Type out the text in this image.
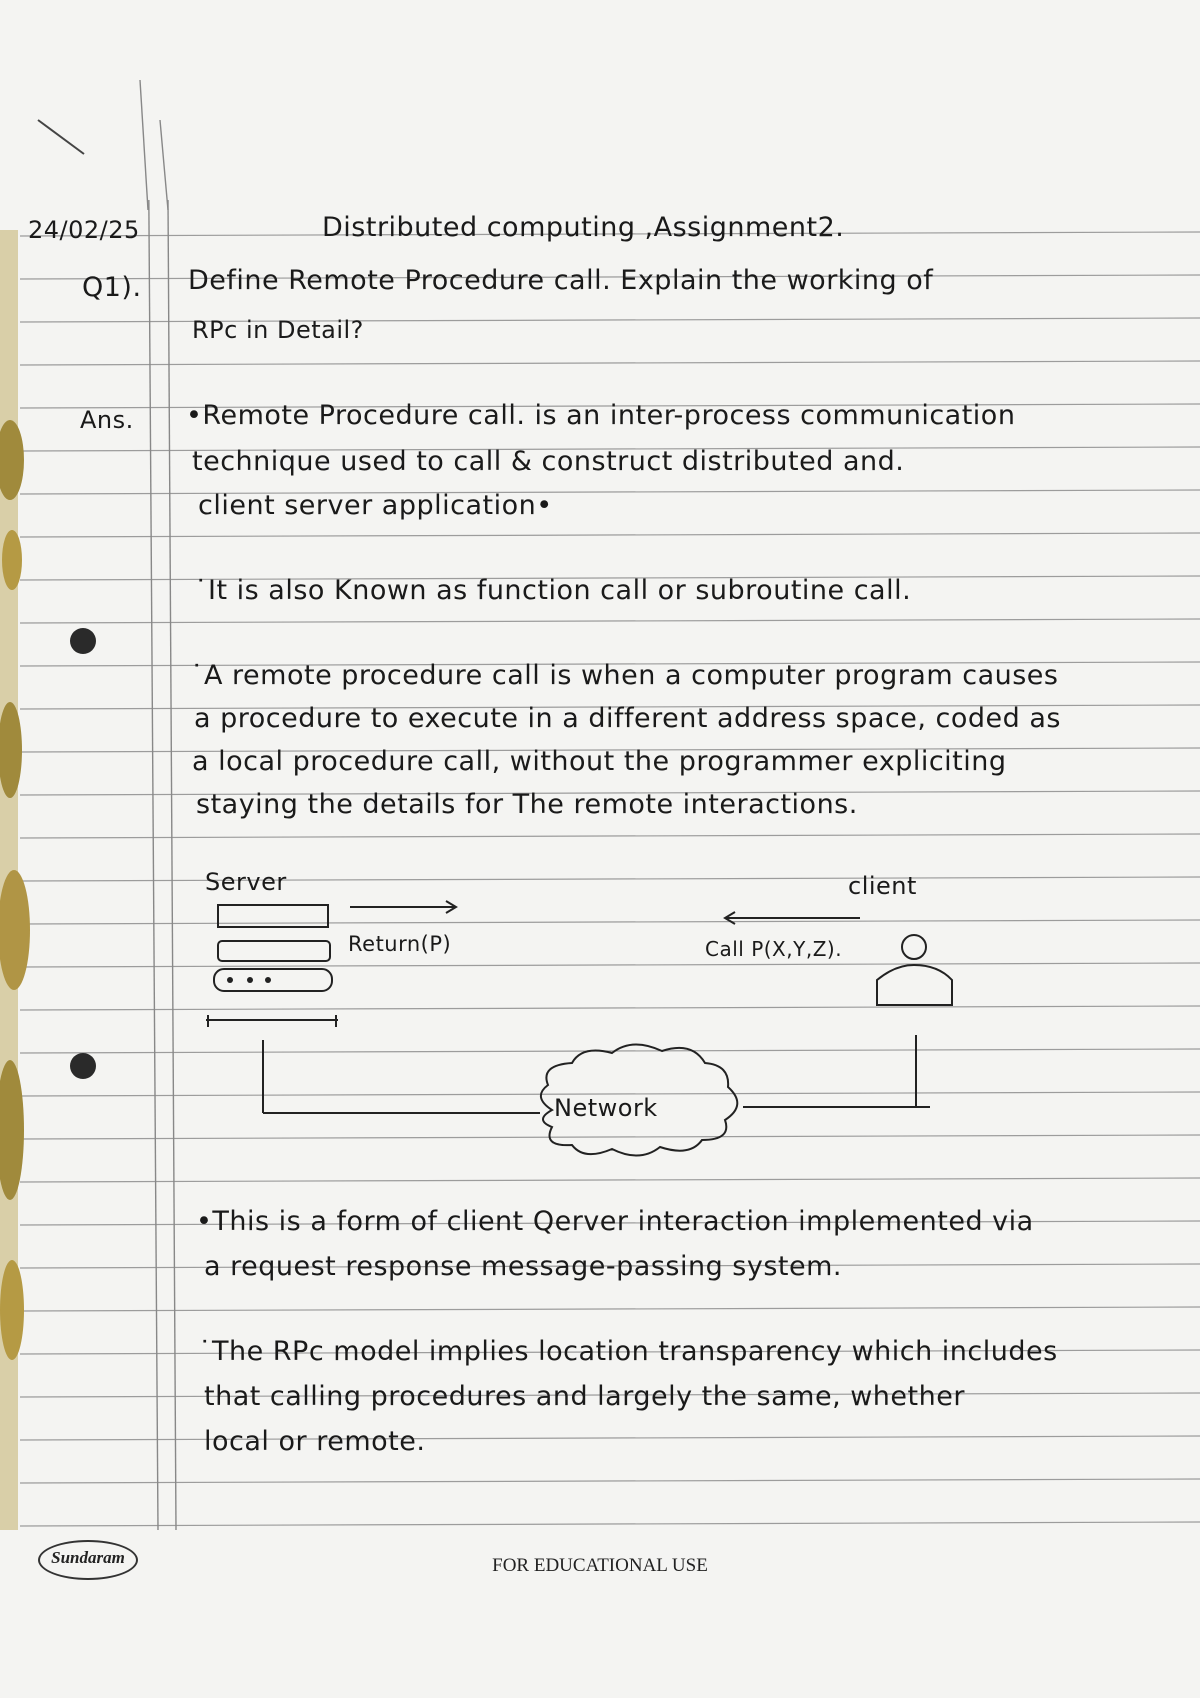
24/02/25	Distributed computing ,Assignment2.
Q1). Define Remote Procedure call. Explain the working of
RPc in Detail?
Ans. •Remote Procedure call. is an inter-process communication
technique used to call & construct distributed and.
client server application•
˙It is also Known as function call or subroutine call.
˙A remote procedure call is when a computer program causes
a procedure to execute in a different address space, coded as
a local procedure call, without the programmer expliciting
staying the details for The remote interactions.
Server	client
Return(P)	Call P(X,Y,Z).
Network
•This is a form of client Qerver interaction implemented via
a request response message-passing system.
˙The RPc model implies location transparency which includes
that calling procedures and largely the same, whether
local or remote.
Sundaram	FOR EDUCATIONAL USE
